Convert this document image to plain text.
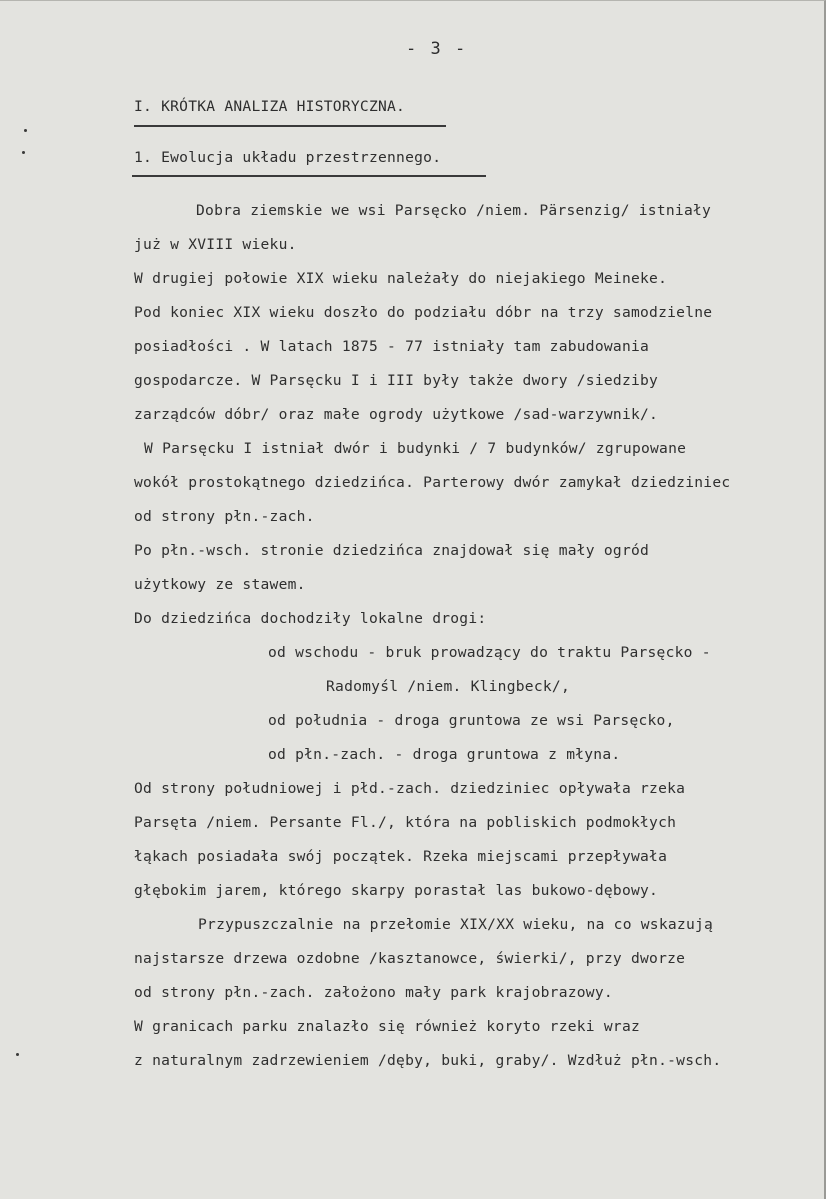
- 3 -
I. KRÓTKA ANALIZA HISTORYCZNA.
1. Ewolucja układu przestrzennego.
Dobra ziemskie we wsi Parsęcko /niem. Pärsenzig/ istniały
już w XVIII wieku.
W drugiej połowie XIX wieku należały do niejakiego Meineke.
Pod koniec XIX wieku doszło do podziału dóbr na trzy samodzielne
posiadłości . W latach 1875 - 77 istniały tam zabudowania
gospodarcze. W Parsęcku I i III były także dwory /siedziby
zarządców dóbr/ oraz małe ogrody użytkowe /sad-warzywnik/.
W Parsęcku I istniał dwór i budynki / 7 budynków/ zgrupowane
wokół prostokątnego dziedzińca. Parterowy dwór zamykał dziedziniec
od strony płn.-zach.
Po płn.-wsch. stronie dziedzińca znajdował się mały ogród
użytkowy ze stawem.
Do dziedzińca dochodziły lokalne drogi:
od wschodu - bruk prowadzący do traktu Parsęcko -
Radomyśl /niem. Klingbeck/,
od południa - droga gruntowa ze wsi Parsęcko,
od płn.-zach. - droga gruntowa z młyna.
Od strony południowej i płd.-zach. dziedziniec opływała rzeka
Parsęta /niem. Persante Fl./, która na pobliskich podmokłych
łąkach posiadała swój początek. Rzeka miejscami przepływała
głębokim jarem, którego skarpy porastał las bukowo-dębowy.
Przypuszczalnie na przełomie XIX/XX wieku, na co wskazują
najstarsze drzewa ozdobne /kasztanowce, świerki/, przy dworze
od strony płn.-zach. założono mały park krajobrazowy.
W granicach parku znalazło się również koryto rzeki wraz
z naturalnym zadrzewieniem /dęby, buki, graby/. Wzdłuż płn.-wsch.
